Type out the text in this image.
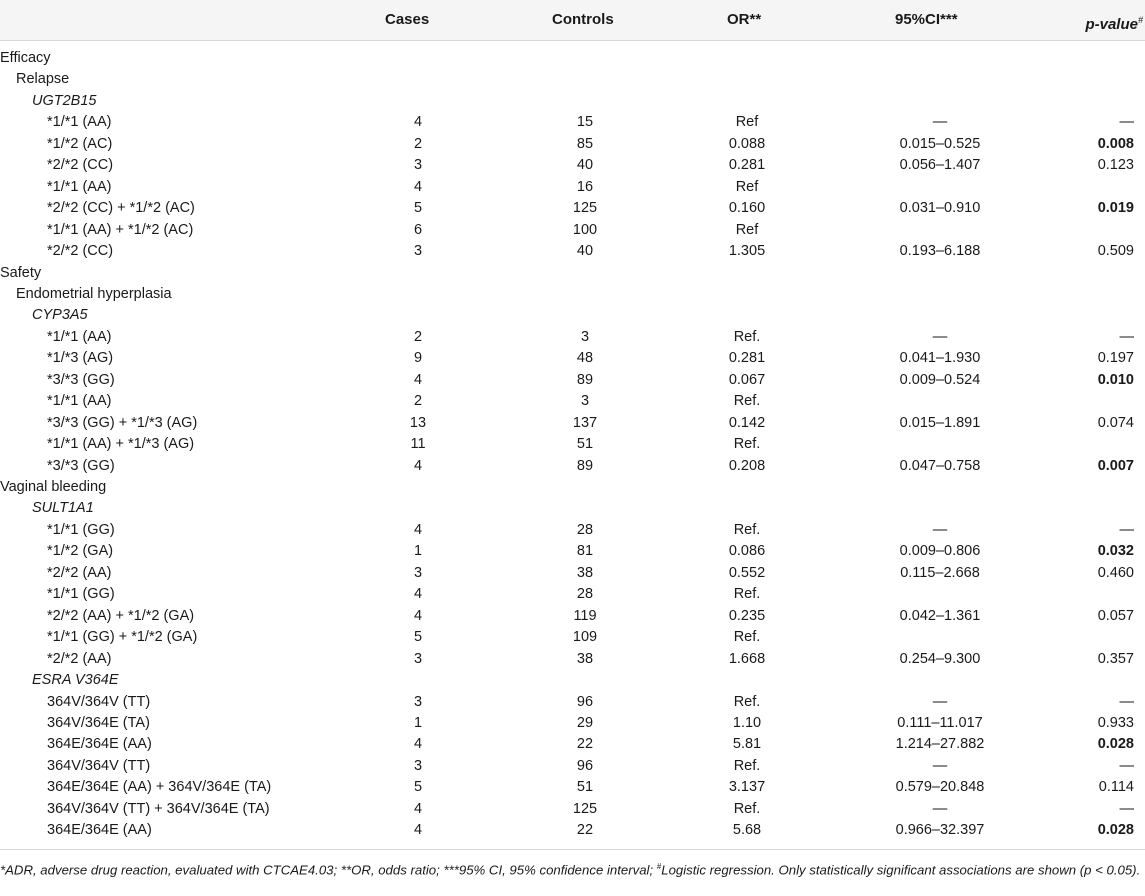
Cases	Controls	OR**	95%CI***	p-value#
Efficacy
Relapse
UGT2B15
*1/*1 (AA)	4	15	Ref	—	—
*1/*2 (AC)	2	85	0.088	0.015–0.525	0.008
*2/*2 (CC)	3	40	0.281	0.056–1.407	0.123
*1/*1 (AA)	4	16	Ref
*2/*2 (CC) + *1/*2 (AC)	5	125	0.160	0.031–0.910	0.019
*1/*1 (AA) + *1/*2 (AC)	6	100	Ref
*2/*2 (CC)	3	40	1.305	0.193–6.188	0.509
Safety
Endometrial hyperplasia
CYP3A5
*1/*1 (AA)	2	3	Ref.	—	—
*1/*3 (AG)	9	48	0.281	0.041–1.930	0.197
*3/*3 (GG)	4	89	0.067	0.009–0.524	0.010
*1/*1 (AA)	2	3	Ref.
*3/*3 (GG) + *1/*3 (AG)	13	137	0.142	0.015–1.891	0.074
*1/*1 (AA) + *1/*3 (AG)	11	51	Ref.
*3/*3 (GG)	4	89	0.208	0.047–0.758	0.007
Vaginal bleeding
SULT1A1
*1/*1 (GG)	4	28	Ref.	—	—
*1/*2 (GA)	1	81	0.086	0.009–0.806	0.032
*2/*2 (AA)	3	38	0.552	0.115–2.668	0.460
*1/*1 (GG)	4	28	Ref.
*2/*2 (AA) + *1/*2 (GA)	4	119	0.235	0.042–1.361	0.057
*1/*1 (GG) + *1/*2 (GA)	5	109	Ref.
*2/*2 (AA)	3	38	1.668	0.254–9.300	0.357
ESRA V364E
364V/364V (TT)	3	96	Ref.	—	—
364V/364E (TA)	1	29	1.10	0.111–11.017	0.933
364E/364E (AA)	4	22	5.81	1.214–27.882	0.028
364V/364V (TT)	3	96	Ref.	—	—
364E/364E (AA) + 364V/364E (TA)	5	51	3.137	0.579–20.848	0.114
364V/364V (TT) + 364V/364E (TA)	4	125	Ref.	—	—
364E/364E (AA)	4	22	5.68	0.966–32.397	0.028
*ADR, adverse drug reaction, evaluated with CTCAE4.03; **OR, odds ratio; ***95% CI, 95% confidence interval; #Logistic regression. Only statistically significant associations are shown (p < 0.05).
